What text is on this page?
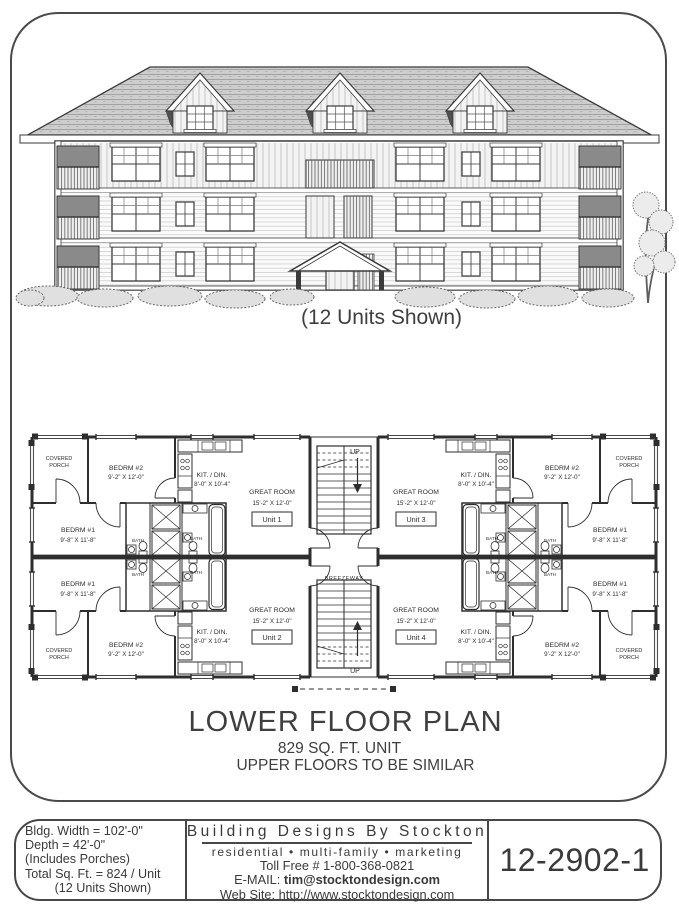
COVERED
PORCH	BEDRM #2
9'-2" X 12'-0"	KIT. / DIN.
8'-0" X 10'-4"
GREAT ROOM
15'-2" X 12'-0"
BEDRM #1
9'-8" X 11'-8"
BEDRM #1
9'-8" X 11'-8"
BEDRM #2
9'-2" X 12'-0"
COVERED
PORCH
KIT. / DIN.
8'-0" X 10'-4"
GREAT ROOM
15'-2" X 12'-0"
GREAT ROOM
15'-2" X 12'-0"
KIT. / DIN.
8'-0" X 10'-4"
BEDRM #2
9'-2" X 12'-0"
COVERED
PORCH
BEDRM #1
9'-8" X 11'-8"
BEDRM #1
9'-8" X 11'-8"
BEDRM #2
9'-2" X 12'-0"	COVERED
PORCH
KIT. / DIN.
8'-0" X 10'-4"
GREAT ROOM
15'-2" X 12'-0"
BATH	BATH
BATH	BATH
BATH
BATH
BATH
BATH
BREEZEWAY
UP
UP
Unit 1
Unit 2
Unit 3
Unit 4
(12 Units Shown)
LOWER FLOOR PLAN
829 SQ. FT. UNIT
UPPER FLOORS TO BE SIMILAR
Bldg. Width = 102'-0"
Depth = 42'-0"
(Includes Porches)
Total Sq. Ft. = 824 / Unit
(12 Units Shown)
Building Designs By Stockton
residential • multi-family • marketing
Toll Free # 1-800-368-0821
E-MAIL: tim@stocktondesign.com
Web Site: http://www.stocktondesign.com
12-2902-1
